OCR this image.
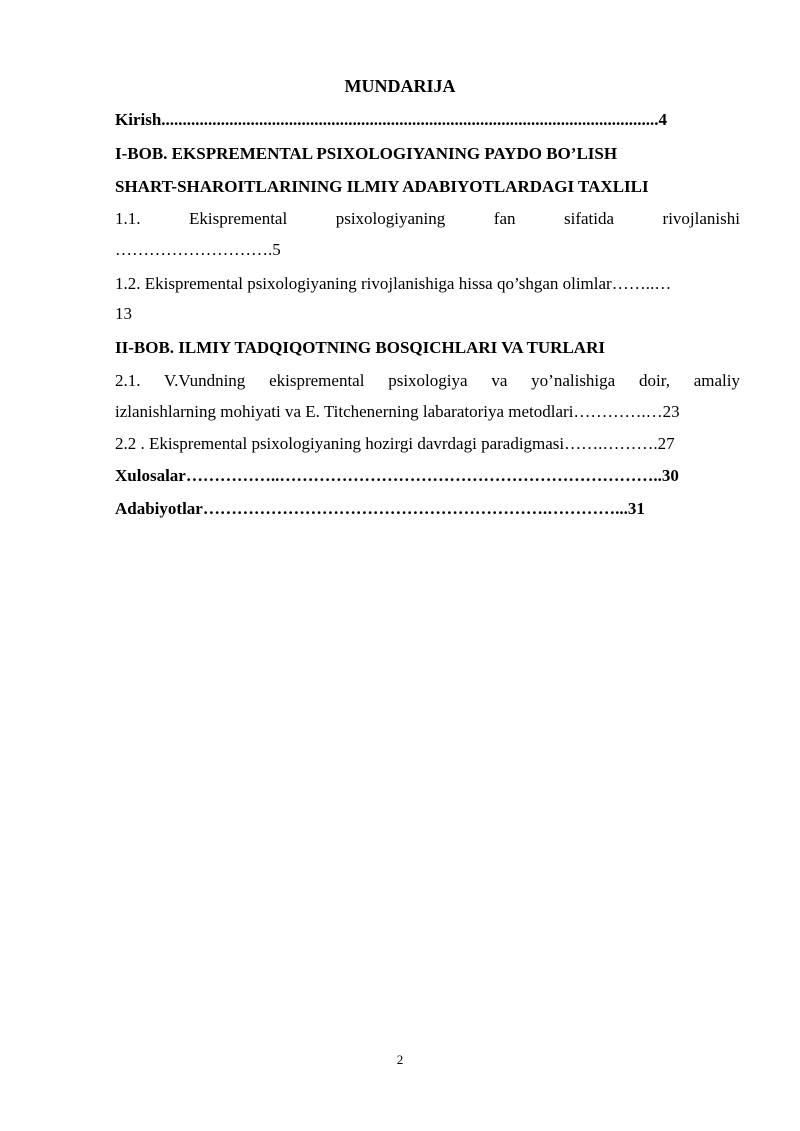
MUNDARIJA
Kirish.....................................................................................................................4
I-BOB. EKSPREMENTAL PSIXOLOGIYANING PAYDO BO’LISH
SHART-SHAROITLARINING ILMIY ADABIYOTLARDAGI TAXLILI
1.1. Ekispremental psixologiyaning fan sifatida rivojlanishi
……………………….5
1.2. Ekispremental psixologiyaning rivojlanishiga hissa qo’shgan olimlar……..…
13
II-BOB. ILMIY TADQIQOTNING BOSQICHLARI VA TURLARI
2.1. V.Vundning ekispremental psixologiya va yo’nalishiga doir, amaliy
izlanishlarning mohiyati va E. Titchenerning labaratoriya metodlari………….…23
2.2 . Ekispremental psixologiyaning hozirgi davrdagi paradigmasi…….……….27
Xulosalar……………..…………………………………………………………..30
Adabiyotlar…………………………………………………….…………...31
2
